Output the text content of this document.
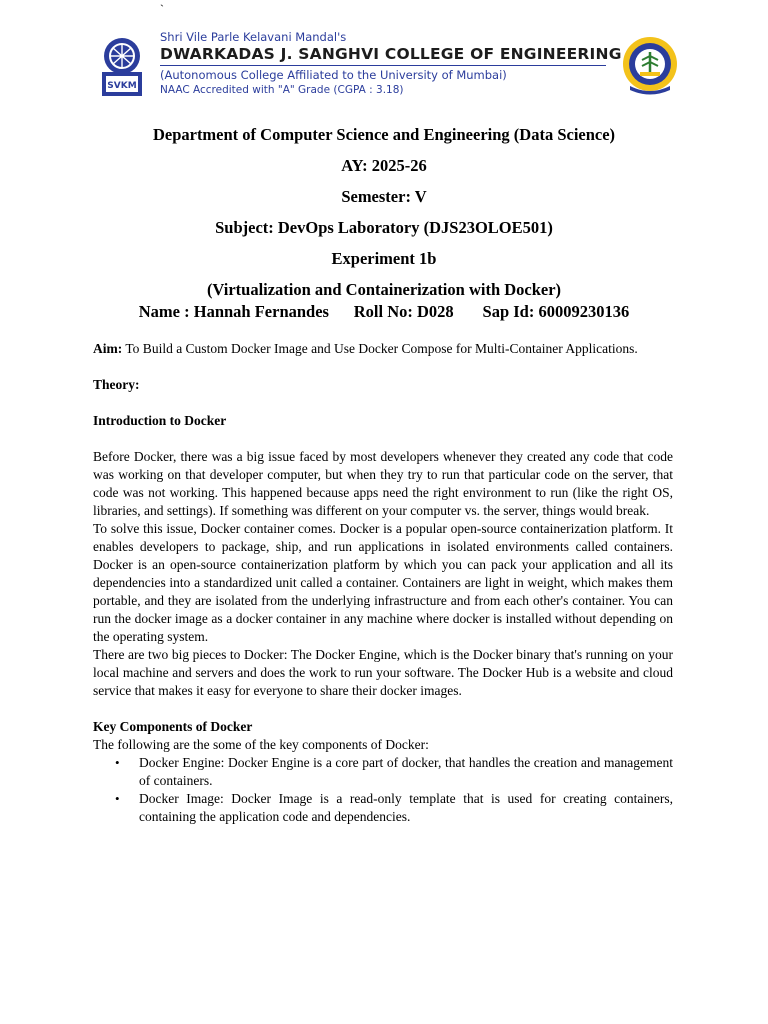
`
SVKM
Shri Vile Parle Kelavani Mandal's
DWARKADAS J. SANGHVI COLLEGE OF ENGINEERING
(Autonomous College Affiliated to the University of Mumbai)
NAAC Accredited with "A" Grade (CGPA : 3.18)
Department of Computer Science and Engineering (Data Science)
AY: 2025-26
Semester: V
Subject: DevOps Laboratory (DJS23OLOE501)
Experiment 1b
(Virtualization and Containerization with Docker)
Name : Hannah Fernandes Roll No: D028 Sap Id: 60009230136

Aim: To Build a Custom Docker Image and Use Docker Compose for Multi-Container Applications.

Theory:

Introduction to Docker

Before Docker, there was a big issue faced by most developers whenever they created any code that code was working on that developer computer, but when they try to run that particular code on the server, that code was not working. This happened because apps need the right environment to run (like the right OS, libraries, and settings). If something was different on your computer vs. the server, things would break.

To solve this issue, Docker container comes. Docker is a popular open-source containerization platform. It enables developers to package, ship, and run applications in isolated environments called containers. Docker is an open-source containerization platform by which you can pack your application and all its dependencies into a standardized unit called a container. Containers are light in weight, which makes them portable, and they are isolated from the underlying infrastructure and from each other's container. You can run the docker image as a docker container in any machine where docker is installed without depending on the operating system.

There are two big pieces to Docker: The Docker Engine, which is the Docker binary that's running on your local machine and servers and does the work to run your software. The Docker Hub is a website and cloud service that makes it easy for everyone to share their docker images.

Key Components of Docker

The following are the some of the key components of Docker:

• Docker Engine: Docker Engine is a core part of docker, that handles the creation and management of containers.
• Docker Image: Docker Image is a read-only template that is used for creating containers, containing the application code and dependencies.
